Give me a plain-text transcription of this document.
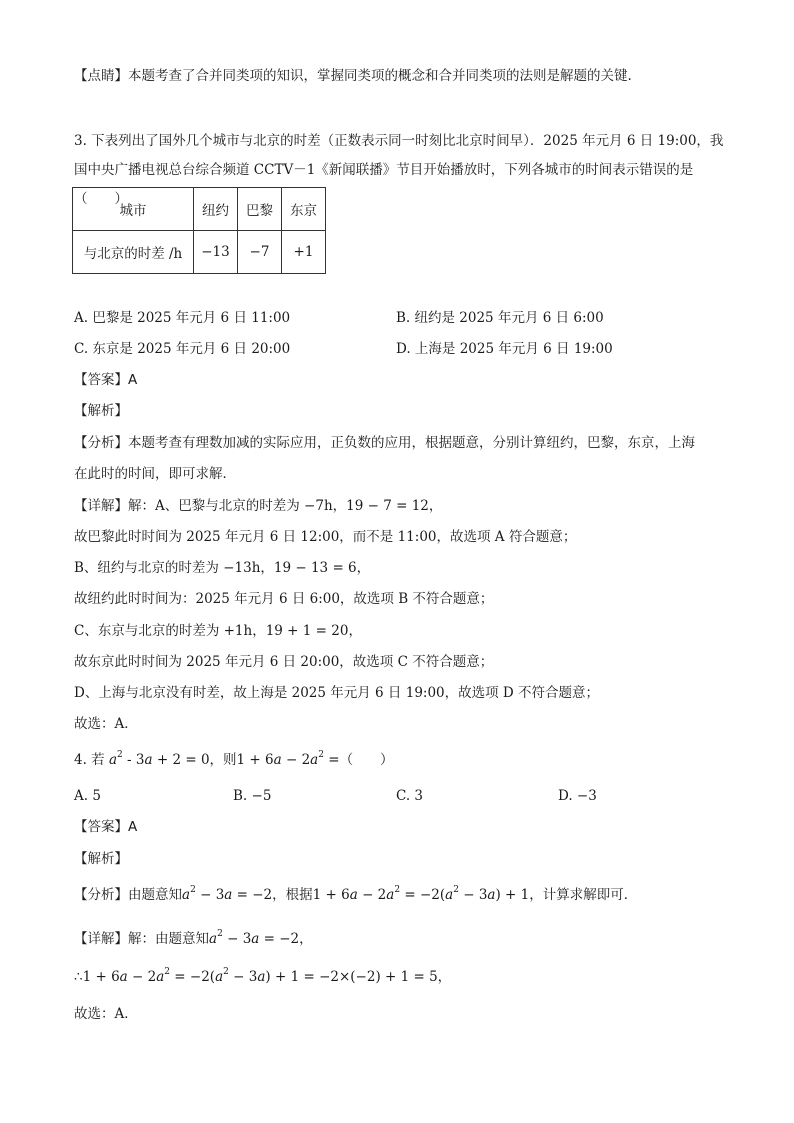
【点睛】本题考查了合并同类项的知识，掌握同类项的概念和合并同类项的法则是解题的关键.
3. 下表列出了国外几个城市与北京的时差（正数表示同一时刻比北京时间早）．2025 年元月 6 日 19:00，我国中央广播电视总台综合频道 CCTV－1《新闻联播》节目开始播放时，下列各城市的时间表示错误的是（　　）
城市	纽约	巴黎	东京
与北京的时差 /h	−13	−7	+1
A. 巴黎是 2025 年元月 6 日 11:00	B. 纽约是 2025 年元月 6 日 6:00
C. 东京是 2025 年元月 6 日 20:00	D. 上海是 2025 年元月 6 日 19:00
【答案】A
【解析】
【分析】本题考查有理数加减的实际应用，正负数的应用，根据题意，分别计算纽约，巴黎，东京，上海
在此时的时间，即可求解．
【详解】解：A、巴黎与北京的时差为 −7h，19 − 7 = 12，
故巴黎此时时间为 2025 年元月 6 日 12:00，而不是 11:00，故选项 A 符合题意；
B、纽约与北京的时差为 −13h，19 − 13 = 6，
故纽约此时时间为：2025 年元月 6 日 6:00，故选项 B 不符合题意；
C、东京与北京的时差为 +1h，19 + 1 = 20，
故东京此时时间为 2025 年元月 6 日 20:00，故选项 C 不符合题意；
D、上海与北京没有时差，故上海是 2025 年元月 6 日 19:00，故选项 D 不符合题意；
故选：A．
4. 若 $a^2 - 3a + 2 = 0$，则$1 + 6a - 2a^2$ =（　　）
A. 5	B. −5	C. 3	D. −3
【答案】A
【解析】
【分析】由题意知$a^2 - 3a = -2$，根据$1 + 6a - 2a^2 = -2(a^2 - 3a) + 1$，计算求解即可．
【详解】解：由题意知$a^2 - 3a = -2$，
∴1 + $6a - 2a^2 = -2(a^2 - 3a) + 1 = -2\times(-2) + 1 = 5$，
故选：A．
